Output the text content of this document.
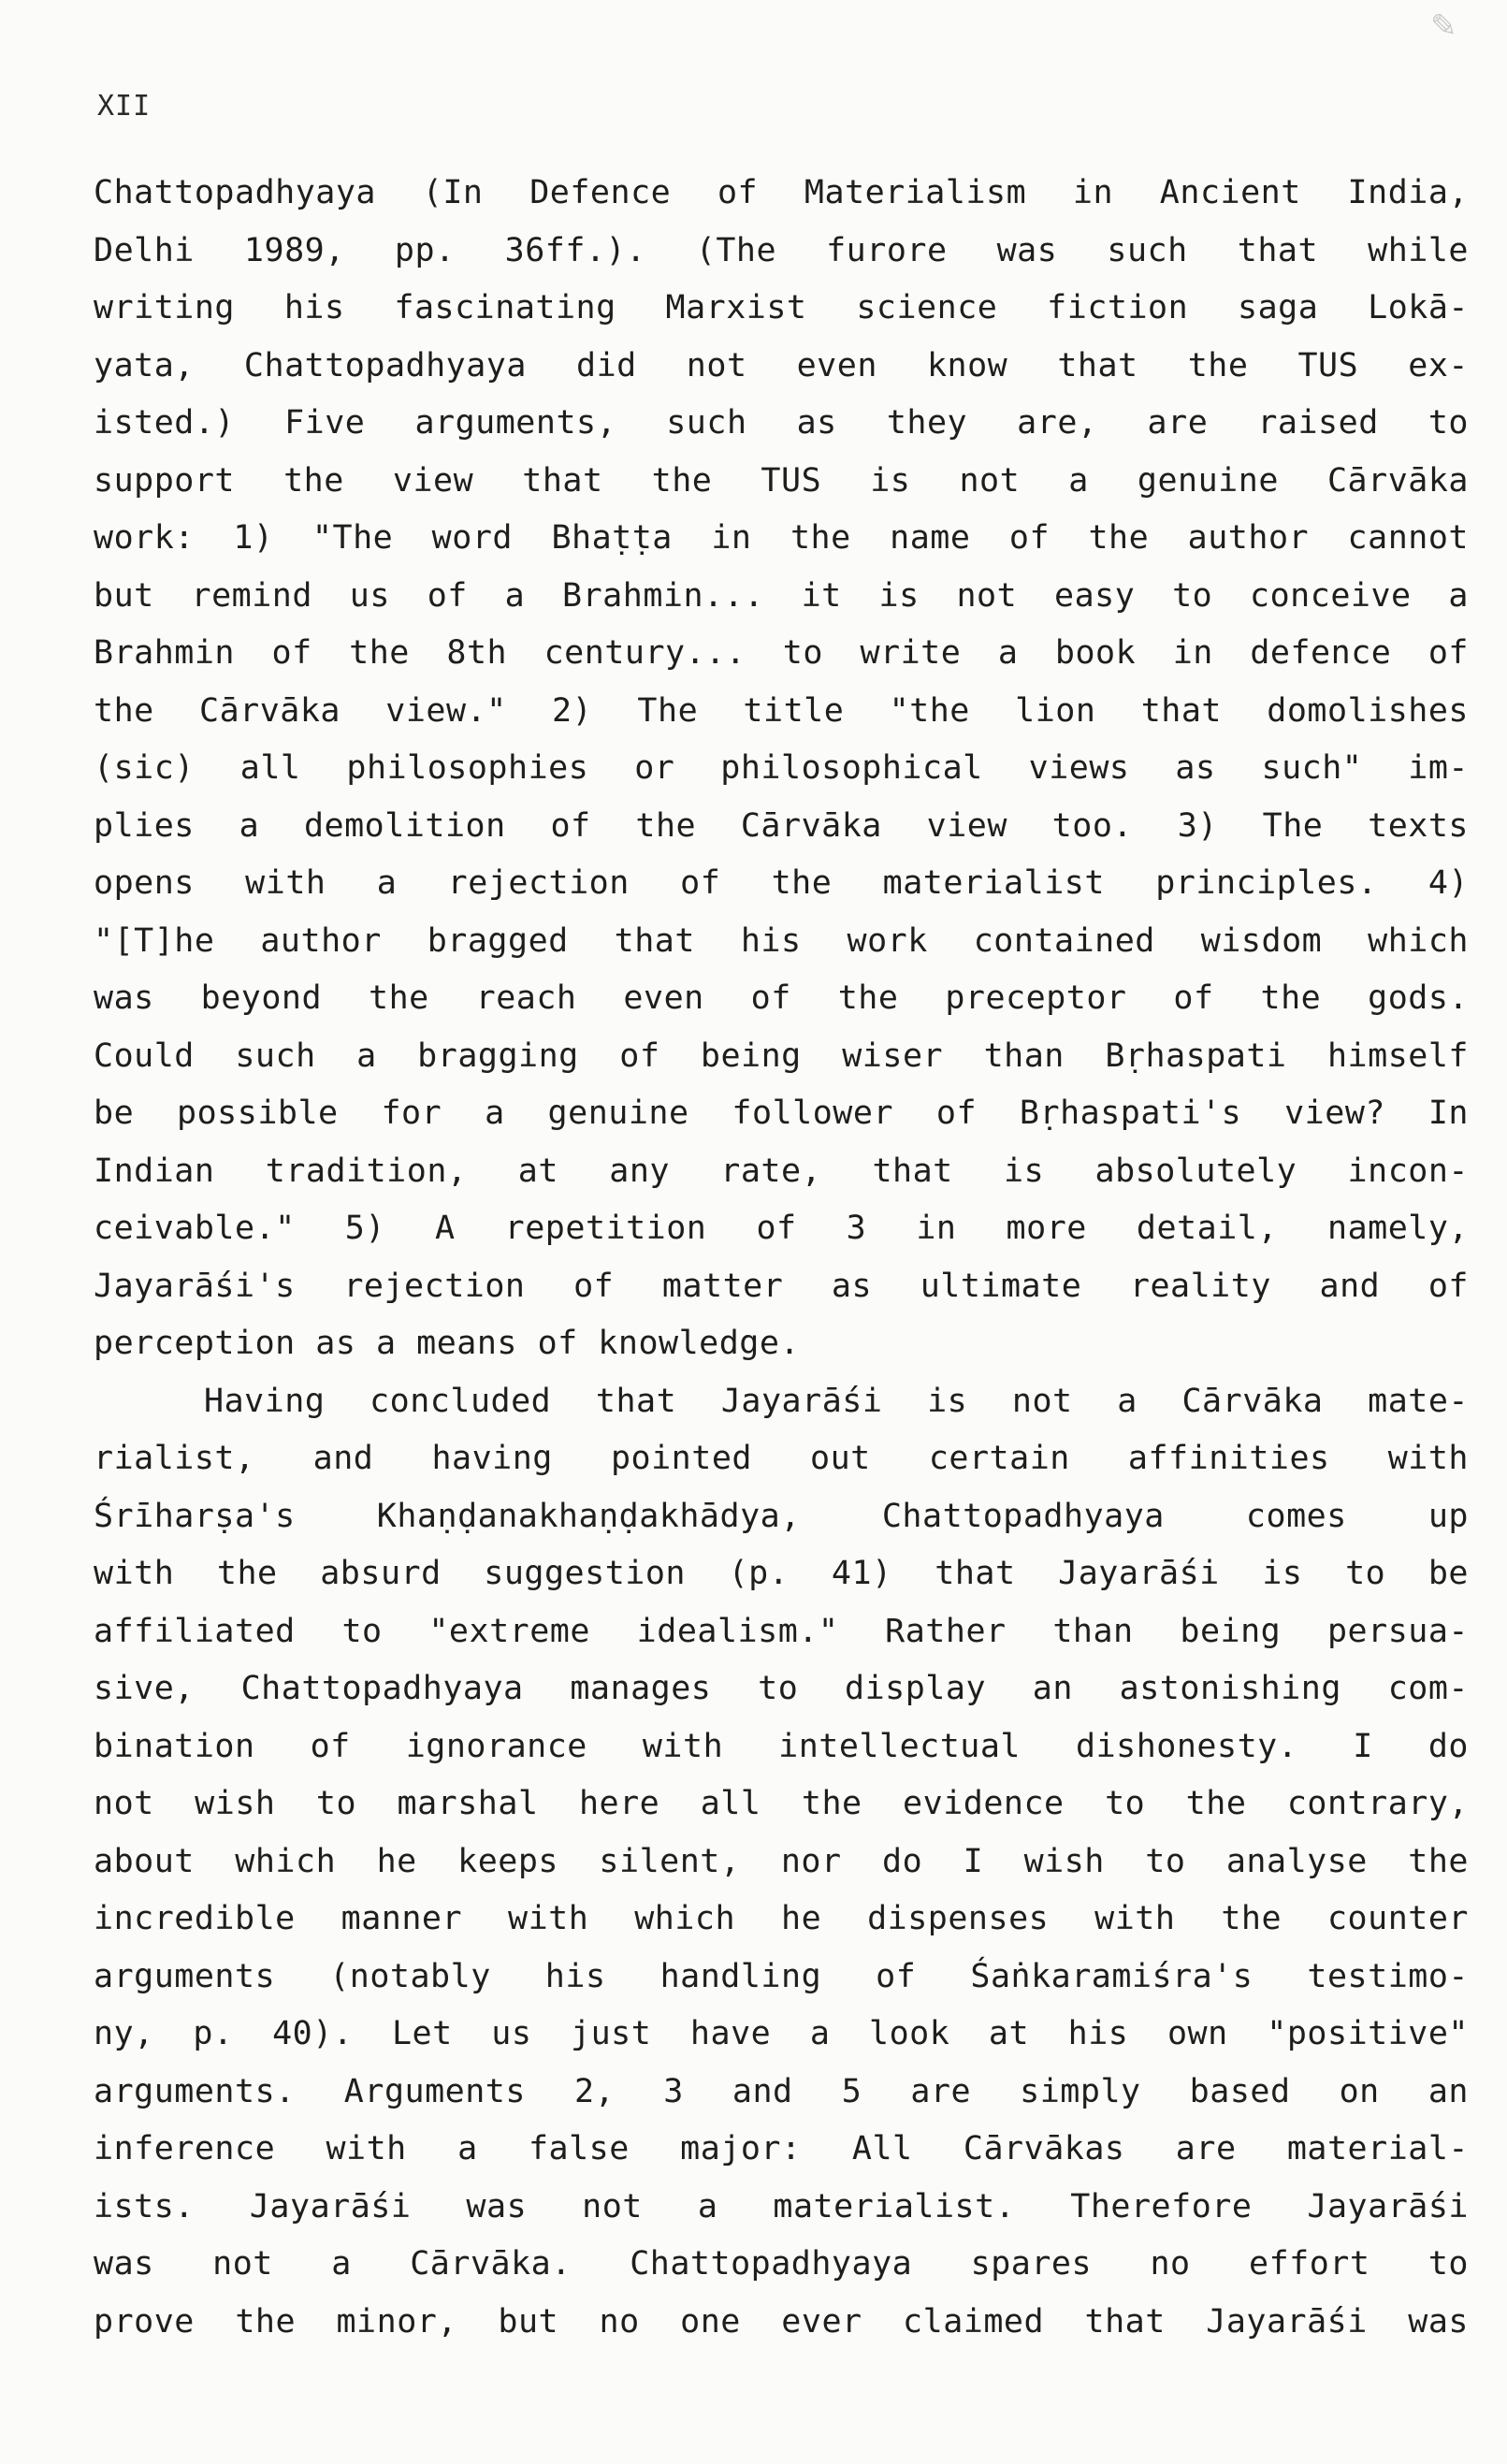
✎
XII
Chattopadhyaya (In Defence of Materialism in Ancient India,
Delhi 1989, pp. 36ff.). (The furore was such that while
writing his fascinating Marxist science fiction saga Lokā-
yata, Chattopadhyaya did not even know that the TUS ex-
isted.) Five arguments, such as they are, are raised to
support the view that the TUS is not a genuine Cārvāka
work: 1) "The word Bhaṭṭa in the name of the author cannot
but remind us of a Brahmin... it is not easy to conceive a
Brahmin of the 8th century... to write a book in defence of
the Cārvāka view." 2) The title "the lion that domolishes
(sic) all philosophies or philosophical views as such" im-
plies a demolition of the Cārvāka view too. 3) The texts
opens with a rejection of the materialist principles. 4)
"[T]he author bragged that his work contained wisdom which
was beyond the reach even of the preceptor of the gods.
Could such a bragging of being wiser than Bṛhaspati himself
be possible for a genuine follower of Bṛhaspati's view? In
Indian tradition, at any rate, that is absolutely incon-
ceivable." 5) A repetition of 3 in more detail, namely,
Jayarāśi's rejection of matter as ultimate reality and of
perception as a means of knowledge.
Having concluded that Jayarāśi is not a Cārvāka mate-
rialist, and having pointed out certain affinities with
Śrīharṣa's Khaṇḍanakhaṇḍakhādya, Chattopadhyaya comes up
with the absurd suggestion (p. 41) that Jayarāśi is to be
affiliated to "extreme idealism." Rather than being persua-
sive, Chattopadhyaya manages to display an astonishing com-
bination of ignorance with intellectual dishonesty. I do
not wish to marshal here all the evidence to the contrary,
about which he keeps silent, nor do I wish to analyse the
incredible manner with which he dispenses with the counter
arguments (notably his handling of Śaṅkaramiśra's testimo-
ny, p. 40). Let us just have a look at his own "positive"
arguments. Arguments 2, 3 and 5 are simply based on an
inference with a false major: All Cārvākas are material-
ists. Jayarāśi was not a materialist. Therefore Jayarāśi
was not a Cārvāka. Chattopadhyaya spares no effort to
prove the minor, but no one ever claimed that Jayarāśi was
